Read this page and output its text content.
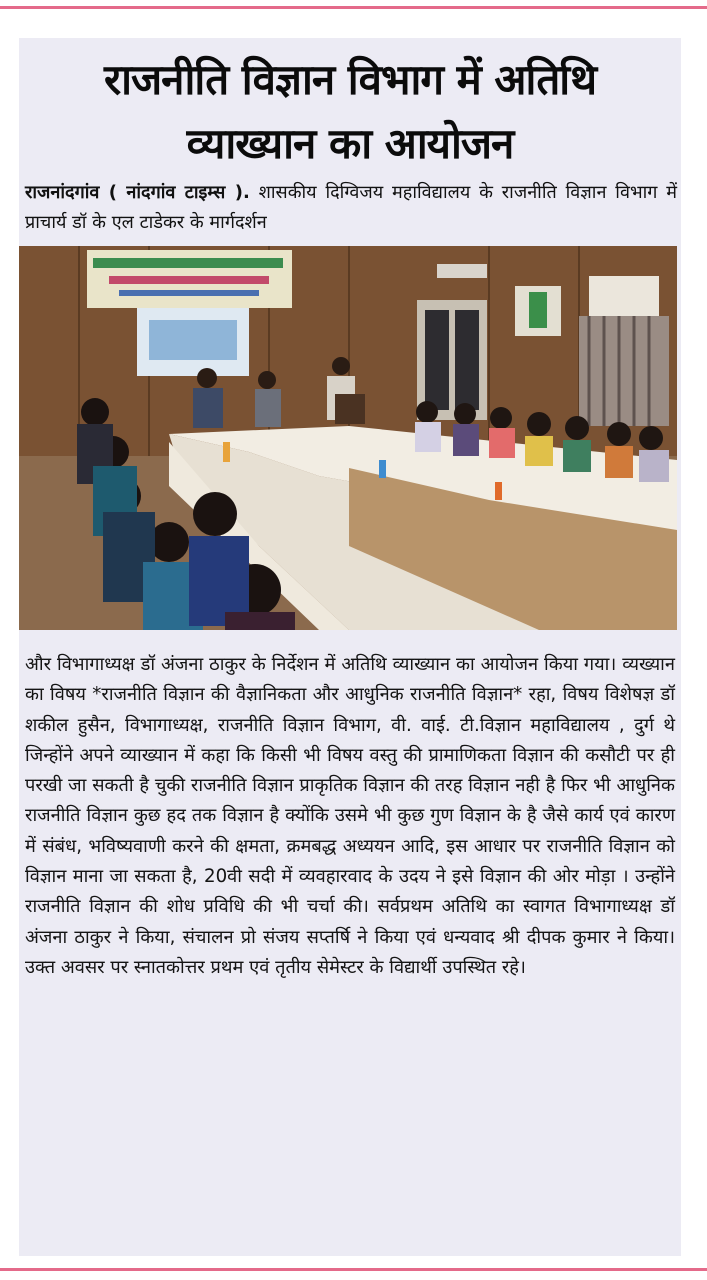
राजनीति विज्ञान विभाग में अतिथि
व्याख्यान का आयोजन
राजनांदगांव ( नांदगांव टाइम्स ). शासकीय दिग्विजय महाविद्यालय के राजनीति विज्ञान विभाग में प्राचार्य डॉ के एल टाडेकर के मार्गदर्शन
और विभागाध्यक्ष डॉ अंजना ठाकुर के निर्देशन में अतिथि व्याख्यान का आयोजन किया गया। व्यख्यान का विषय *राजनीति विज्ञान की वैज्ञानिकता और आधुनिक राजनीति विज्ञान* रहा, विषय विशेषज्ञ डॉ शकील हुसैन, विभागाध्यक्ष, राजनीति विज्ञान विभाग, वी. वाई. टी.विज्ञान महाविद्यालय , दुर्ग थे जिन्होंने अपने व्याख्यान में कहा कि किसी भी विषय वस्तु की प्रामाणिकता विज्ञान की कसौटी पर ही परखी जा सकती है चुकी राजनीति विज्ञान प्राकृतिक विज्ञान की तरह विज्ञान नही है फिर भी आधुनिक राजनीति विज्ञान कुछ हद तक विज्ञान है क्योंकि उसमे भी कुछ गुण विज्ञान के है जैसे कार्य एवं कारण में संबंध, भविष्यवाणी करने की क्षमता, क्रमबद्ध अध्ययन आदि, इस आधार पर राजनीति विज्ञान को विज्ञान माना जा सकता है, 20वी सदी में व्यवहारवाद के उदय ने इसे विज्ञान की ओर मोड़ा । उन्होंने राजनीति विज्ञान की शोध प्रविधि की भी चर्चा की। सर्वप्रथम अतिथि का स्वागत विभागाध्यक्ष डॉ अंजना ठाकुर ने किया, संचालन प्रो संजय सप्तर्षि ने किया एवं धन्यवाद श्री दीपक कुमार ने किया। उक्त अवसर पर स्नातकोत्तर प्रथम एवं तृतीय सेमेस्टर के विद्यार्थी उपस्थित रहे।
